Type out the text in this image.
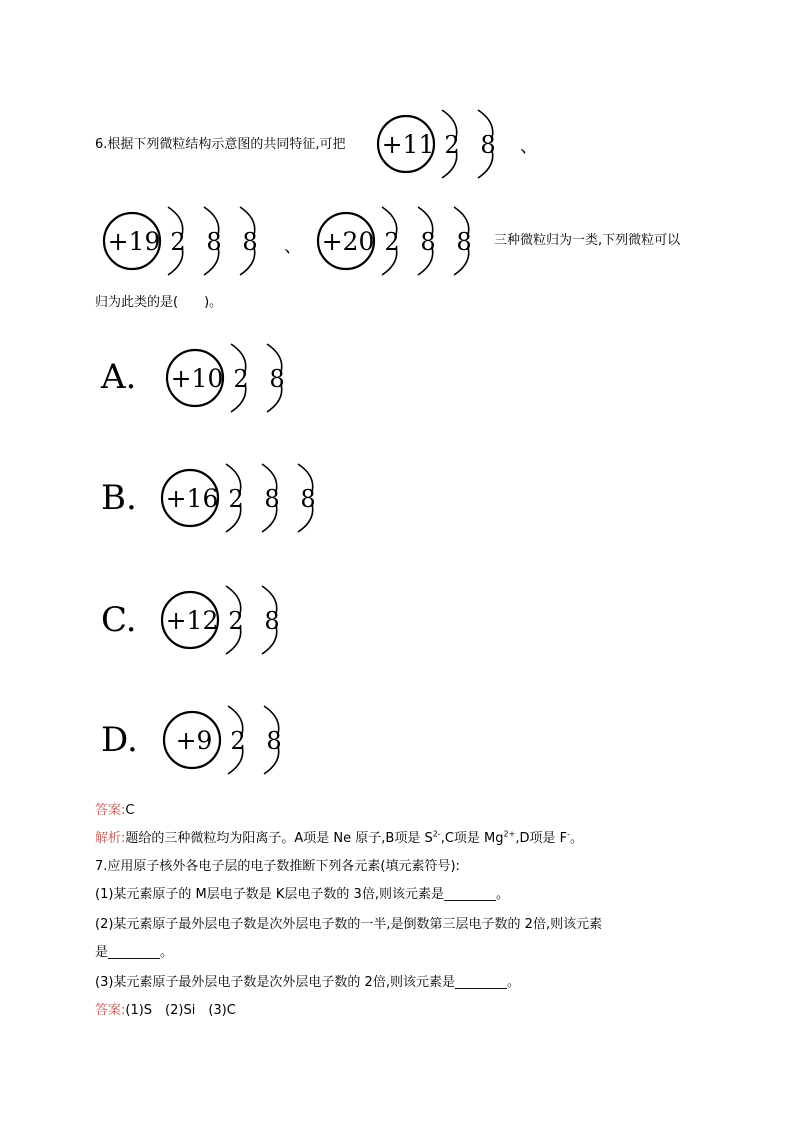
6.根据下列微粒结构示意图的共同特征,可把 +11 2 8 、
+19 2 8 8 、 +20 2 8 8 三种微粒归为一类,下列微粒可以
归为此类的是(　　)。
A. +10 2 8
B. +16 2 8 8
C. +12 2 8
D. +9 2 8
答案:C
解析:题给的三种微粒均为阳离子。A项是 Ne 原子,B项是 $S^{2-},C$项是 $Mg^{2+},D$项是 F-。
7.应用原子核外各电子层的电子数推断下列各元素(填元素符号):
(1)某元素原子的 M层电子数是 K层电子数的 3倍,则该元素是________。
(2)某元素原子最外层电子数是次外层电子数的一半,是倒数第三层电子数的 2倍,则该元素
是________。
(3)某元素原子最外层电子数是次外层电子数的 2倍,则该元素是________。
答案:(1)S　(2)Si　(3)C
